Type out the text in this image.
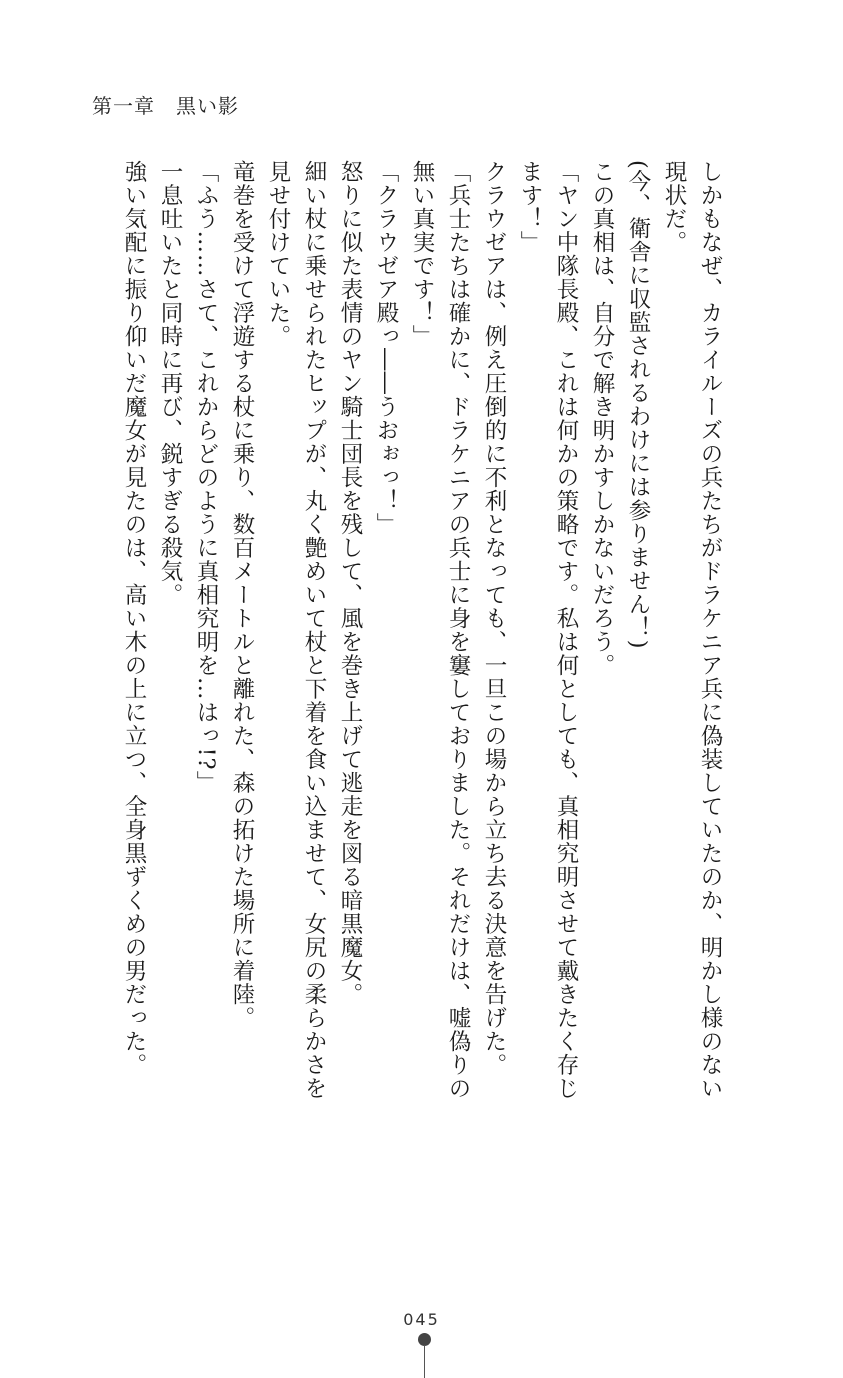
第一章　黒い影

しかもなぜ、カライルーズの兵たちがドラケニア兵に偽装していたのか、明かし様のない現状だ。

(今、衛舎に収監されるわけには参りません！)

この真相は、自分で解き明かすしかないだろう。

「ヤン中隊長殿、これは何かの策略です。私は何としても、真相究明させて戴きたく存じます！」

クラウゼアは、例え圧倒的に不利となっても、一旦この場から立ち去る決意を告げた。

「兵士たちは確かに、ドラケニアの兵士に身を窶しておりました。それだけは、嘘偽りの無い真実です！」

「クラウゼア殿っ――うおぉっ！」

怒りに似た表情のヤン騎士団長を残して、風を巻き上げて逃走を図る暗黒魔女。

細い杖に乗せられたヒップが、丸く艶めいて杖と下着を食い込ませて、女尻の柔らかさを見せ付けていた。

竜巻を受けて浮遊する杖に乗り、数百メートルと離れた、森の拓けた場所に着陸。

「ふう……さて、これからどのように真相究明を…はっ!?」

一息吐いたと同時に再び、鋭すぎる殺気。

強い気配に振り仰いだ魔女が見たのは、高い木の上に立つ、全身黒ずくめの男だった。

045
